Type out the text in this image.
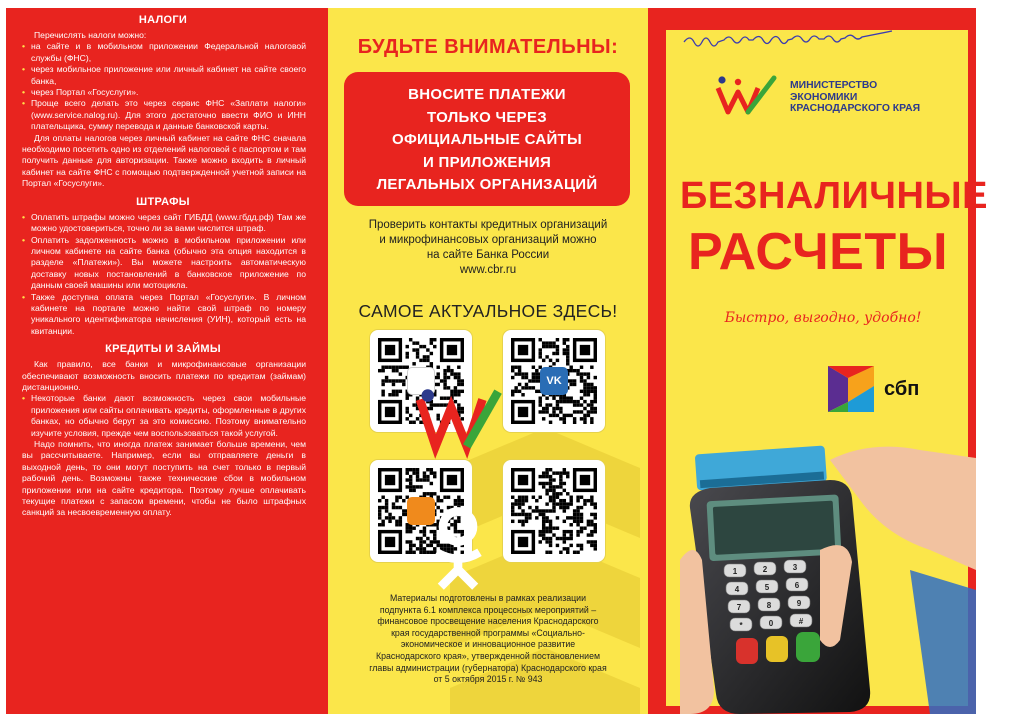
НАЛОГИ

Перечислять налоги можно:

• на сайте и в мобильном приложении Федеральной налоговой службы (ФНС),

• через мобильное приложение или личный кабинет на сайте своего банка,

• через Портал «Госуслуги».

• Проще всего делать это через сервис ФНС «Заплати налоги» (www.service.nalog.ru). Для этого достаточно ввести ФИО и ИНН плательщика, сумму перевода и данные банковской карты.

Для оплаты налогов через личный кабинет на сайте ФНС сначала необходимо посетить одно из отделений налоговой с паспортом и там получить данные для авторизации. Также можно входить в личный кабинет на сайте ФНС с помощью подтвержденной учетной записи на Портал «Госуслуги».

ШТРАФЫ

• Оплатить штрафы можно через сайт ГИБДД (www.гбдд.рф) Там же можно удостовериться, точно ли за вами числится штраф.

• Оплатить задолженность можно в мобильном приложении или личном кабинете на сайте банка (обычно эта опция находится в разделе «Платежи»). Вы можете настроить автоматическую доставку новых постановлений в банковское приложение по данным своей машины или мотоцикла.

• Также доступна оплата через Портал «Госуслуги». В личном кабинете на портале можно найти свой штраф по номеру уникального идентификатора начисления (УИН), который есть на квитанции.

КРЕДИТЫ И ЗАЙМЫ

Как правило, все банки и микрофинансовые организации обеспечивают возможность вносить платежи по кредитам (займам) дистанционно.

• Некоторые банки дают возможность через свои мобильные приложения или сайты оплачивать кредиты, оформленные в других банках, но обычно берут за это комиссию. Поэтому внимательно изучите условия, прежде чем воспользоваться такой услугой.

Надо помнить, что иногда платеж занимает больше времени, чем вы рассчитываете. Например, если вы отправляете деньги в выходной день, то они могут поступить на счет только в первый рабочий день. Возможны также технические сбои в мобильном приложении или на сайте кредитора. Поэтому лучше оплачивать текущие платежи с запасом времени, чтобы не было штрафных санкций за несвоевременную оплату.

БУДЬТЕ ВНИМАТЕЛЬНЫ:
ВНОСИТЕ ПЛАТЕЖИ
ТОЛЬКО ЧЕРЕЗ
ОФИЦИАЛЬНЫЕ САЙТЫ
И ПРИЛОЖЕНИЯ
ЛЕГАЛЬНЫХ ОРГАНИЗАЦИЙ
Проверить контакты кредитных организаций
и микрофинансовых организаций можно
на сайте Банка России
www.cbr.ru
САМОЕ АКТУАЛЬНОЕ ЗДЕСЬ!
VK
Материалы подготовлены в рамках реализации
подпункта 6.1 комплекса процессных мероприятий –
финансовое просвещение населения Краснодарского
края государственной программы «Социально-
экономическое и инновационное развитие
Краснодарского края», утвержденной постановлением
главы администрации (губернатора) Краснодарского края
от 5 октября 2015 г. № 943
МИНИСТЕРСТВО
ЭКОНОМИКИ
КРАСНОДАРСКОГО КРАЯ
БЕЗНАЛИЧНЫЕ
РАСЧЕТЫ
Быстро, выгодно, удобно!
сбп
1	2	3
4	5	6
7	8	9
*	0	#
